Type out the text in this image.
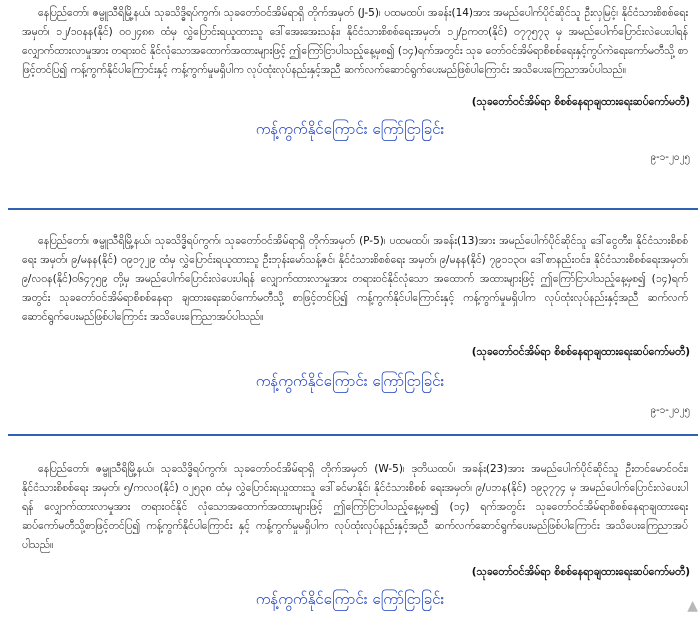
နေပြည်တော်၊ ဇမ္ဗူသီရိမြို့နယ်၊ သုခသိဒ္ဓိရပ်ကွက်၊ သုခတော်ဝင်အိမ်ရာရှိ တိုက်အမှတ် (J-5)၊ ပထမထပ်၊ အခန်း(14)အား အမည်ပေါက်ပိုင်ဆိုင်သူ ဦးလှမြင့်၊ နိုင်ငံသားစိစစ်ရေးအမှတ်၊ ၁၂/၁၀နန(နိုင်) ၀၀၂၄၈၈ ထံမှ လွှဲပြောင်းရယူထားသူ ဒေါ်အေးအေးသန်း၊ နိုင်ငံသားစိစစ်ရေးအမှတ်၊ ၁၂/ဥကတ(နိုင်) ၀၇၇၅၇၃ မှ အမည်ပေါက်ပြောင်းလဲပေးပါရန် လျှောက်ထားလာမှုအား တရားဝင် နိုင်လုံသောအထောက်အထားများဖြင့် ဤကြော်ငြာပါသည့်နေ့မှစ၍ (၁၄)ရက်အတွင်း သုခ တော်ဝင်အိမ်ရာစိစစ်ရေးနှင့်ကွပ်ကဲရေးကော်မတီသို့ စာဖြင့်တင်ပြ၍ ကန့်ကွက်နိုင်ပါကြောင်းနှင့် ကန့်ကွက်မှုမရှိပါက လုပ်ထုံးလုပ်နည်းနှင့်အညီ ဆက်လက်ဆောင်ရွက်ပေးမည်ဖြစ်ပါကြောင်း အသိပေးကြေညာအပ်ပါသည်။

(သုခတော်ဝင်အိမ်ရာ စိစစ်နေရာချထားရေးဆပ်ကော်မတီ)
ကန့်ကွက်နိုင်ကြောင်း ကြော်ငြာခြင်း
၉-၁-၂၀၂၅

နေပြည်တော်၊ ဇမ္ဗူသီရိမြို့နယ်၊ သုခသိဒ္ဓိရပ်ကွက်၊ သုခတော်ဝင်အိမ်ရာရှိ တိုက်အမှတ် (P-5)၊ ပထမထပ်၊ အခန်း(13)အား အမည်ပေါက်ပိုင်ဆိုင်သူ ဒေါ်ငွေတီး၊ နိုင်ငံသားစိစစ်ရေး အမှတ်၊ ၉/မနန(နိုင်) ၀၉၁၇၂၉ ထံမှ လွှဲပြောင်းရယူထားသူ ဦးဘုန်းမော်သန့်ဇင်၊ နိုင်ငံသားစိစစ်ရေး အမှတ်၊ ၉/မနန(နိုင်) ၇၉၁၁၃၀၊ ဒေါ်စာနည်းဝင်း၊ နိုင်ငံသားစိစစ်ရေးအမှတ်၊ ၉/လဝန(နိုင်)၀၆၄၇၅၉ တို့မှ အမည်ပေါက်ပြောင်းလဲပေးပါရန် လျှောက်ထားလာမှုအား တရားဝင်နိုင်လုံသော အထောက် အထားများဖြင့် ဤကြော်ငြာပါသည့်နေ့မှစ၍ (၁၄)ရက်အတွင်း သုခတော်ဝင်အိမ်ရာစိစစ်နေရာ ချထားရေးဆပ်ကော်မတီသို့ စာဖြင့်တင်ပြ၍ ကန့်ကွက်နိုင်ပါကြောင်းနှင့် ကန့်ကွက်မှုမရှိပါက လုပ်ထုံးလုပ်နည်းနှင့်အညီ ဆက်လက်ဆောင်ရွက်ပေးမည်ဖြစ်ပါကြောင်း အသိပေးကြေညာအပ်ပါသည်။

(သုခတော်ဝင်အိမ်ရာ စိစစ်နေရာချထားရေးဆပ်ကော်မတီ)
ကန့်ကွက်နိုင်ကြောင်း ကြော်ငြာခြင်း
၉-၁-၂၀၂၅

နေပြည်တော်၊ ဇမ္ဗူသီရိမြို့နယ်၊ သုခသိဒ္ဓိရပ်ကွက်၊ သုခတော်ဝင်အိမ်ရာရှိ တိုက်အမှတ် (W-5)၊ ဒုတိယထပ်၊ အခန်း(23)အား အမည်ပေါက်ပိုင်ဆိုင်သူ ဦးတင်မောင်ဝင်း၊ နိုင်ငံသားစိစစ်ရေး အမှတ်၊ ၅/ကလဝ(နိုင်) ၀၂၅၃၈ ထံမှ လွှဲပြောင်းရယူထားသူ ဒေါ်ခင်မာနိုင်၊ နိုင်ငံသားစိစစ် ရေးအမှတ်၊ ၉/ပဘန(နိုင်) ၁၉၃၇၇၄ မှ အမည်ပေါက်ပြောင်းလဲပေးပါရန် လျှောက်ထားလာမှုအား တရားဝင်နိုင် လုံသောအထောက်အထားများဖြင့် ဤကြော်ငြာပါသည့်နေ့မှစ၍ (၁၄) ရက်အတွင်း သုခတော်ဝင်အိမ်ရာစိစစ်နေရာချထားရေးဆပ်ကော်မတီသို့စာဖြင့်တင်ပြ၍ ကန့်ကွက်နိုင်ပါကြောင်း နှင့် ကန့်ကွက်မှုမရှိပါက လုပ်ထုံးလုပ်နည်းနှင့်အညီ ဆက်လက်ဆောင်ရွက်ပေးမည်ဖြစ်ပါကြောင်း အသိပေးကြေညာအပ်ပါသည်။

(သုခတော်ဝင်အိမ်ရာ စိစစ်နေရာချထားရေးဆပ်ကော်မတီ)
ကန့်ကွက်နိုင်ကြောင်း ကြော်ငြာခြင်း	▲
